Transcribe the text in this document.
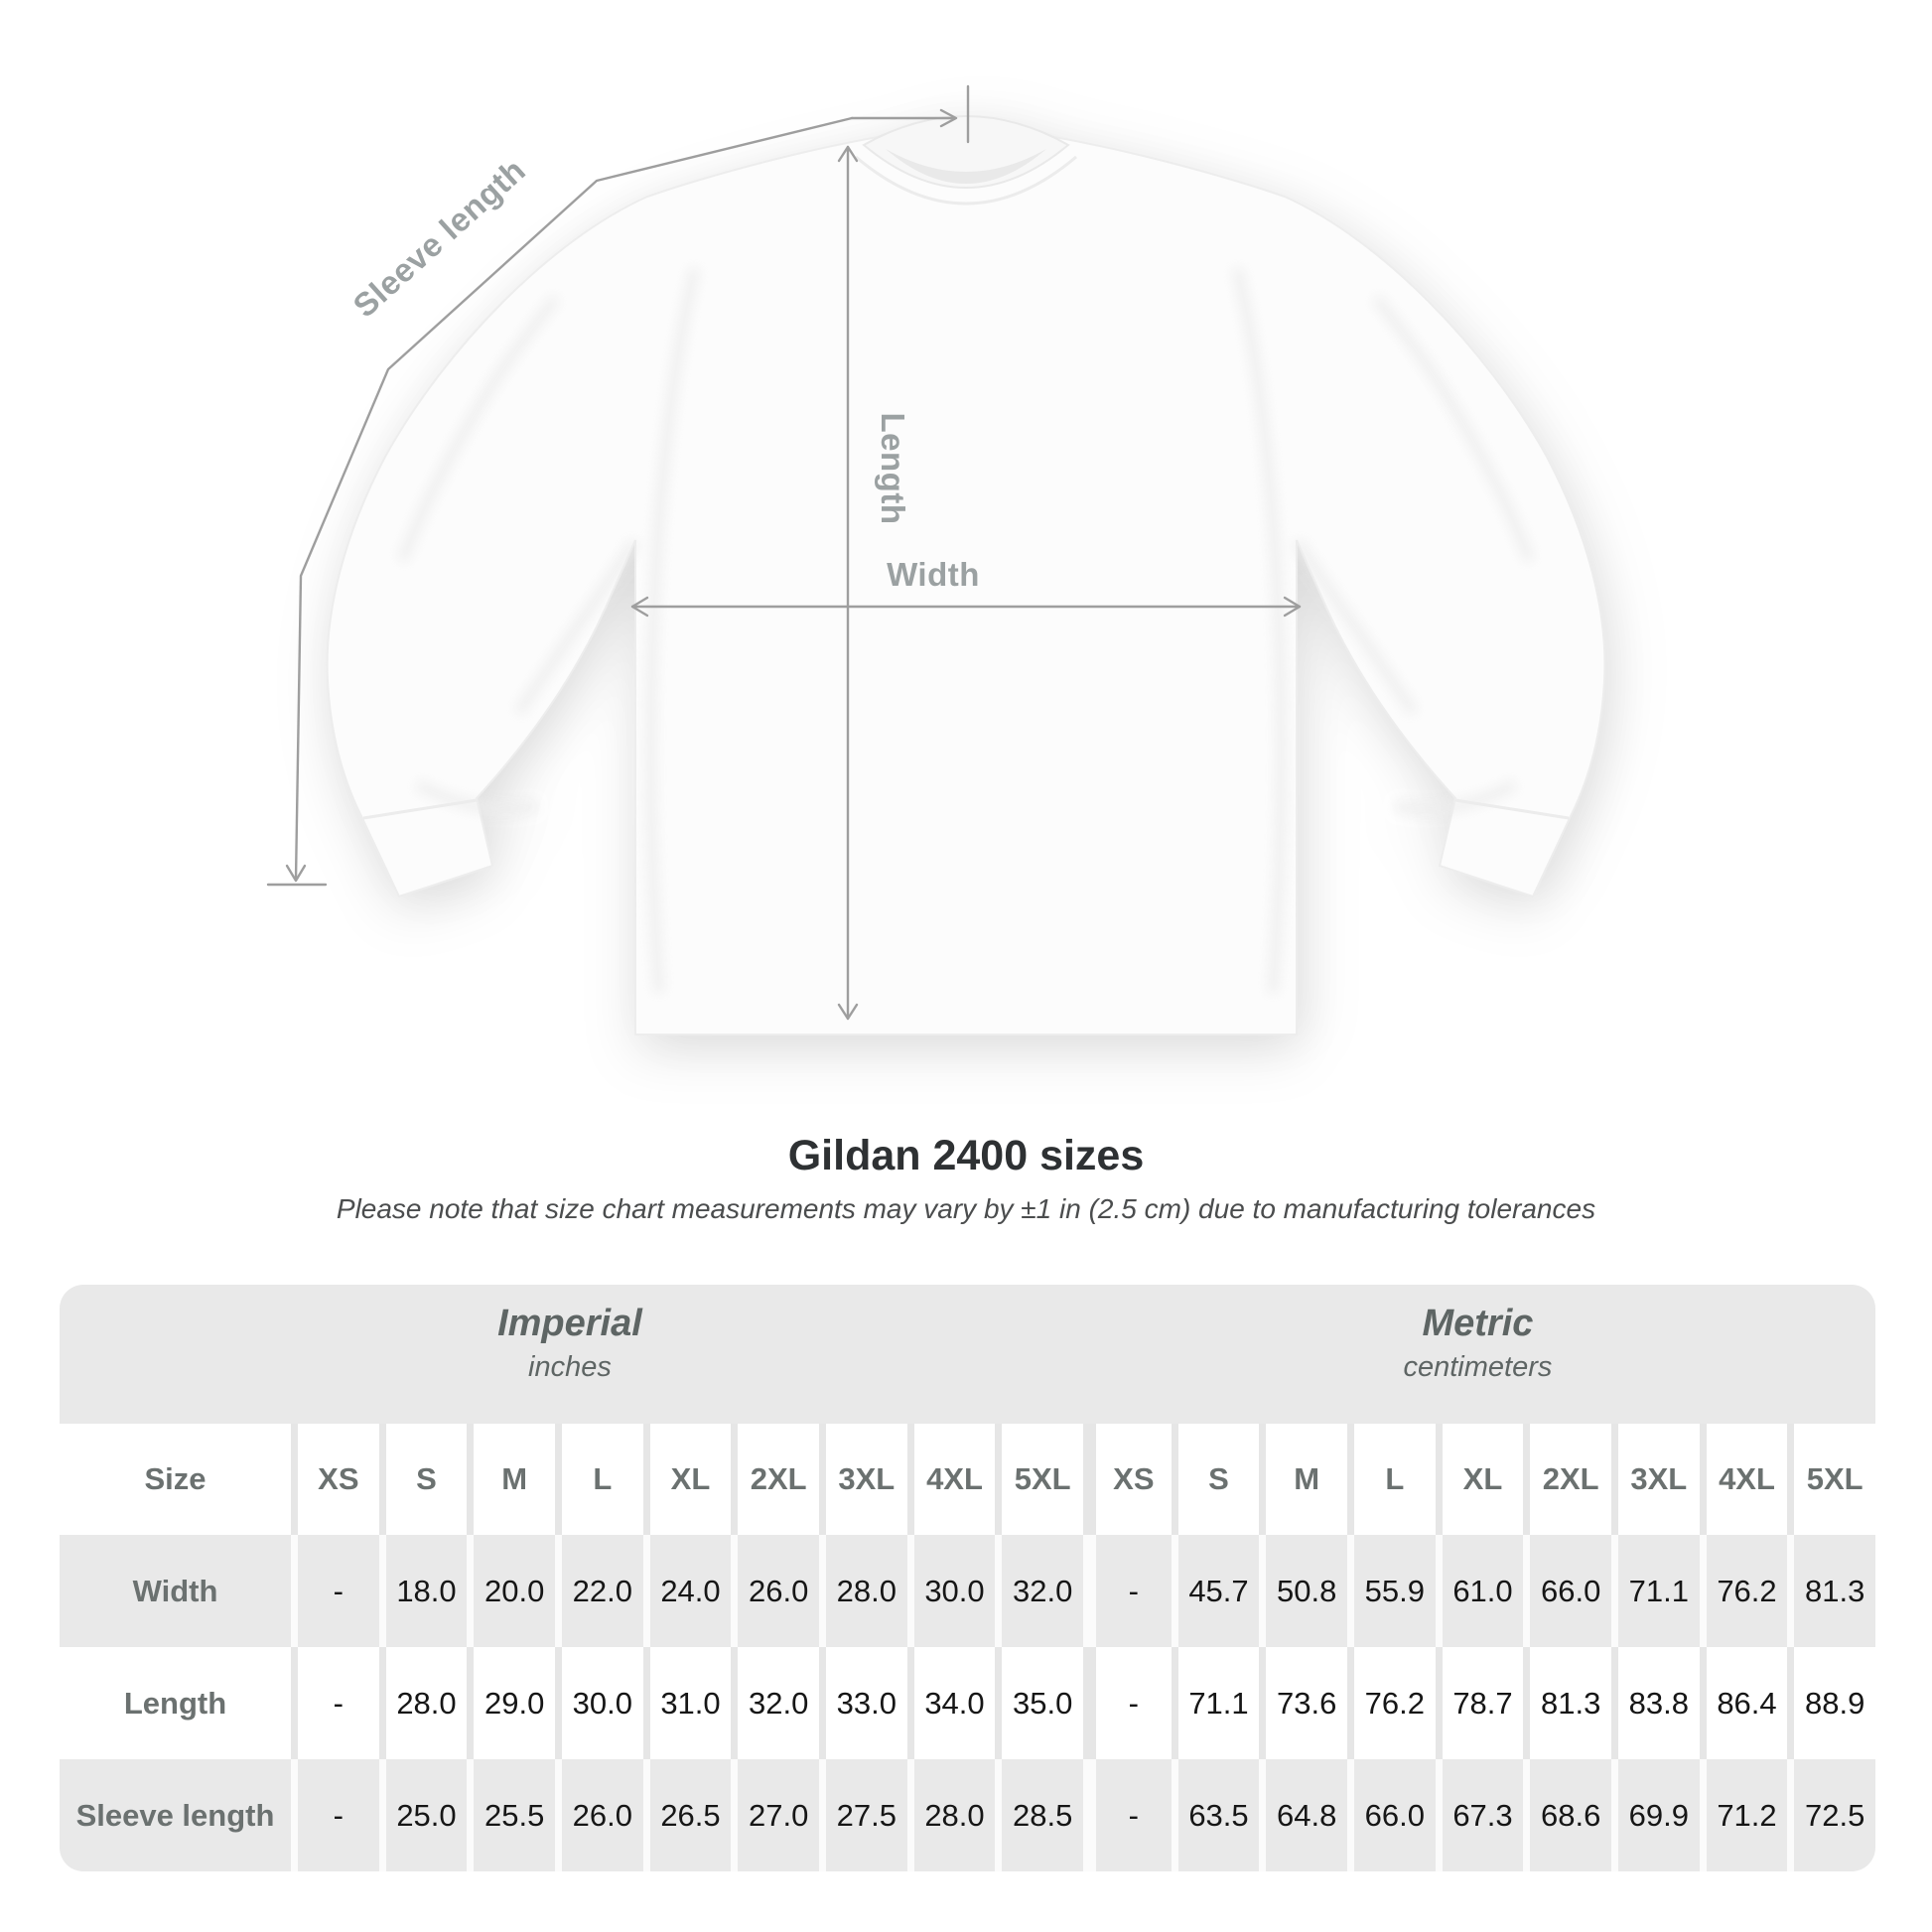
Sleeve length
Length
Width
Gildan 2400 sizes
Please note that size chart measurements may vary by ±1 in (2.5 cm) due to manufacturing tolerances
Imperial
inches
Metric
centimeters
Size	XS S M L XL 2XL 3XL 4XL 5XL XS S M L XL 2XL 3XL 4XL 5XL
Width	- 18.0 20.0 22.0 24.0 26.0 28.0 30.0 32.0 - 45.7 50.8 55.9 61.0 66.0 71.1 76.2 81.3
Length	- 28.0 29.0 30.0 31.0 32.0 33.0 34.0 35.0 - 71.1 73.6 76.2 78.7 81.3 83.8 86.4 88.9
Sleeve length - 25.0 25.5 26.0 26.5 27.0 27.5 28.0 28.5 - 63.5 64.8 66.0 67.3 68.6 69.9 71.2 72.5
